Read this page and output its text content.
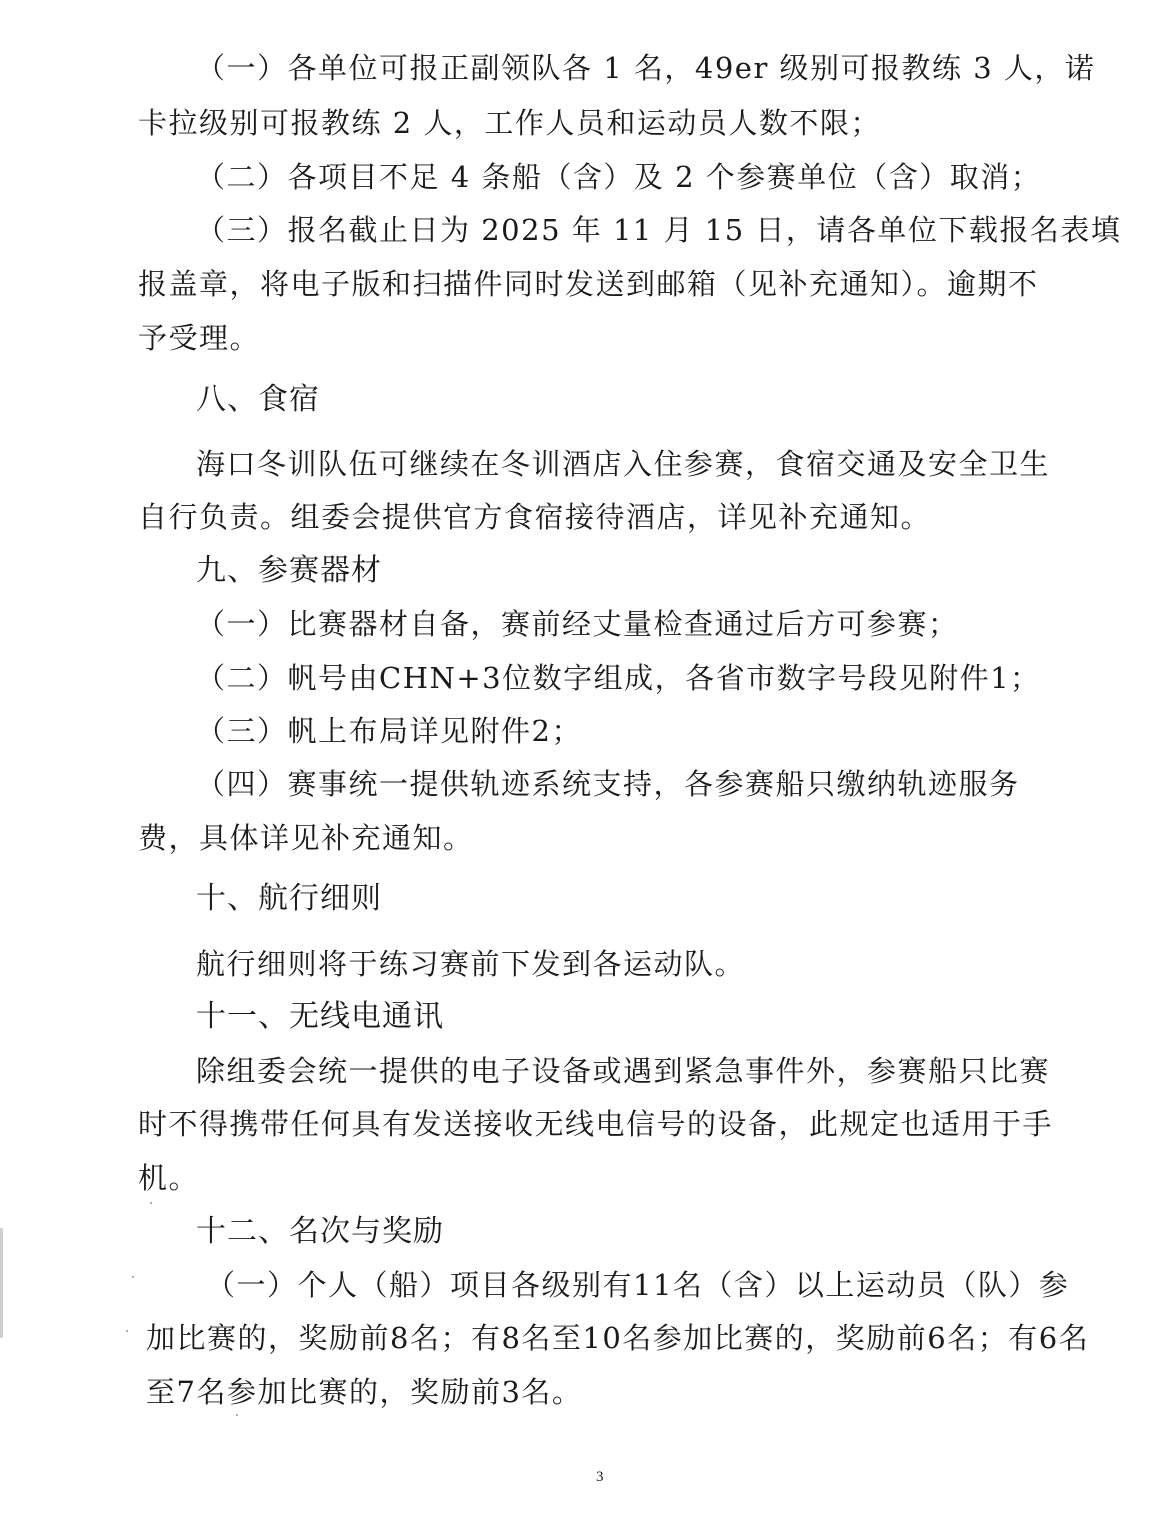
（一）各单位可报正副领队各 1 名，49er 级别可报教练 3 人，诺
卡拉级别可报教练 2 人，工作人员和运动员人数不限；
（二）各项目不足 4 条船（含）及 2 个参赛单位（含）取消；
（三）报名截止日为 2025 年 11 月 15 日，请各单位下载报名表填
报盖章，将电子版和扫描件同时发送到邮箱（见补充通知）。逾期不
予受理。
八、食宿
海口冬训队伍可继续在冬训酒店入住参赛，食宿交通及安全卫生
自行负责。组委会提供官方食宿接待酒店，详见补充通知。
九、参赛器材
（一）比赛器材自备，赛前经丈量检查通过后方可参赛；
（二）帆号由CHN+3位数字组成，各省市数字号段见附件1；
（三）帆上布局详见附件2；
（四）赛事统一提供轨迹系统支持，各参赛船只缴纳轨迹服务
费，具体详见补充通知。
十、航行细则
航行细则将于练习赛前下发到各运动队。
十一、无线电通讯
除组委会统一提供的电子设备或遇到紧急事件外，参赛船只比赛
时不得携带任何具有发送接收无线电信号的设备，此规定也适用于手
机。
十二、名次与奖励
（一）个人（船）项目各级别有11名（含）以上运动员（队）参
加比赛的，奖励前8名；有8名至10名参加比赛的，奖励前6名；有6名
至7名参加比赛的，奖励前3名。
3
